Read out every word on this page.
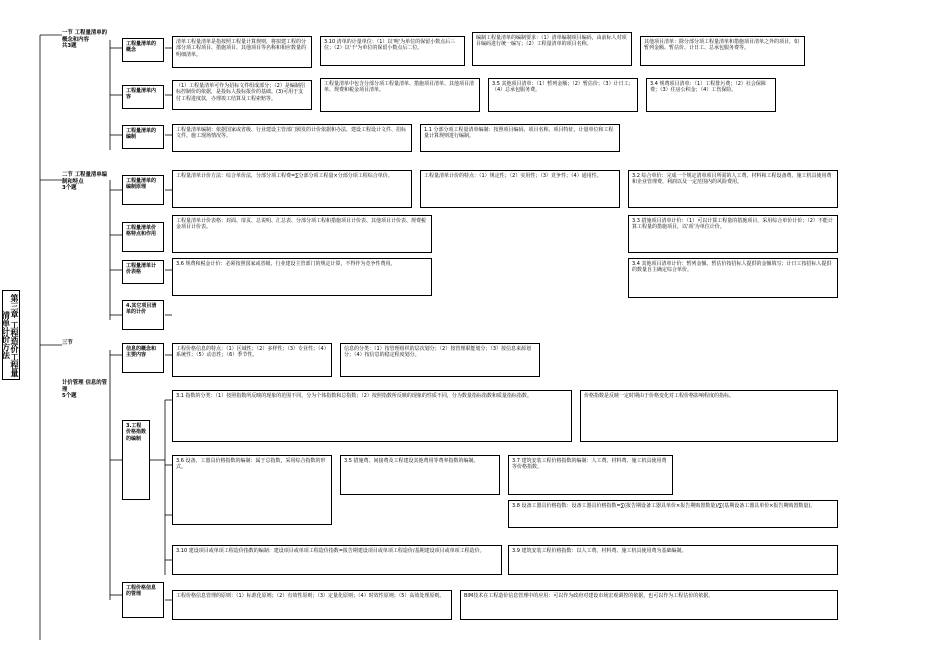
第三章 工程造价工程量清单计价方法
一节 工程量清单的概念和内容
共3题
二节 工程量清单编制和特点
3个题
三节
计价管理 信息的管理
5个题
工程量清单的概念
工程量清单内容
工程量清单的编制
工程量清单的编制原理
工程量清单价格特点和作用
工程量清单计价表格
4.其它项目清单的计价
信息的概念和主要内容
3.工程价格指数的编制
工程价格信息的管理
清单工程量清单是指按照工程量计算规则，将拟建工程的分部分项工程项目、措施项目、其他项目等名称和相应数量的明细清单。
（1）工程量清单可作为招标文件组成部分；（2）是编制招标控制价的依据，是投标人投标报价的基础。(3)可用于支付工程进度款，办理竣工结算及工程索赔等。
3.10 清单的计量单位：（1）以'吨'为单位的保留小数点后三位；（2）以'千'为单位的保留小数点后二位。
编制工程量清单的编制要求：（1）清单编制项目编码，由前标人对项目编码进行统一编写；（2）工程量清单的项目名称。	其他项目清单：除分部分项工程量清单和措施项目清单之外的项目，如暂列金额、暂估价、计日工、总承包服务费等。
工程量清单中包含分部分项工程量清单、措施项目清单、其他项目清单、规费和税金项目清单。
3.5 其他项目清单：（1）暂列金额；（2）暂估价；（3）计日工；（4）总承包服务费。
3.4 规费项目清单：（1）工程排污费；（2）社会保障费；（3）住房公积金；（4）工伤保险。
工程量清单编制：依据国家或省级、行业建设主管部门颁发的计价依据和办法、建设工程设计文件、招标文件、施工现场情况等。
1.1 分部分项工程量清单编制：按照项目编码、项目名称、项目特征、计量单位和工程量计算规则进行编制。
工程量清单计价方法：综合单价法，分部分项工程费=∑分部分项工程量×分部分项工程综合单价。	工程量清单计价的特点：（1）规定性；（2）实用性；（3）竞争性；（4）通用性。	3.2 综合单价：完成一个规定清单项目所需的人工费、材料和工程设备费、施工机具使用费和企业管理费、利润以及一定范围内的风险费用。
工程量清单计价表格：封面、扉页、总说明、汇总表、分部分项工程和措施项目计价表、其他项目计价表、规费税金项目计价表。
3.3 措施项目清单计价：（1）可以计算工程量的措施项目，采用综合单价计价；（2）不能计算工程量的措施项目，以'项'为单位计价。
3.6 规费和税金计价：必须按照国家或省级、行业建设主管部门的规定计算，不得作为竞争性费用。	3.4 其他项目清单计价：暂列金额、暂估价按招标人提供的金额填写；计日工按招标人提供的数量自主确定综合单价。
工程价格信息的特点：（1）区域性；（2）多样性；（3）专业性；（4）系统性；（5）动态性；（6）季节性。
信息的分类：（1）按管理组织的层次划分；（2）按管理职能划分；（3）按信息来源划分；（4）按信息的稳定程度划分。
3.1 指数的分类：（1）按照指数所反映的现象的范围不同，分为个体指数和总指数；（2）按照指数所反映的现象的性质不同，分为数量指标指数和质量指标指数。	价格指数是反映一定时期由于价格变化对工程价格影响程度的指标。
3.6 设备、工器具价格指数的编制：属于总指数，采用综合指数的形式。
3.5 措施费、间接费及工程建设其他费用等费率指数的编制。	3.7 建筑安装工程价格指数的编制：人工费、材料费、施工机具使用费等价格指数。
3.8 设备工器具价格指数：设备工器具价格指数=∑(报告期设备工器具单价×报告期购置数量)/∑(基期设备工器具单价×报告期购置数量)。
3.10 建设项目或单项工程造价指数的编制：建设项目或单项工程造价指数=报告期建设项目或单项工程造价/基期建设项目或单项工程造价。	3.9 建筑安装工程价格指数：以人工费、材料费、施工机具使用费为基础编制。
工程价格信息管理的原则：（1）标准化原则；（2）有效性原则；（3）定量化原则；（4）时效性原则；（5）高效处理原则。	BIM技术在工程造价信息管理中的应用：可以作为政府对建设市场宏观调控的依据，也可以作为工程估价的依据。
